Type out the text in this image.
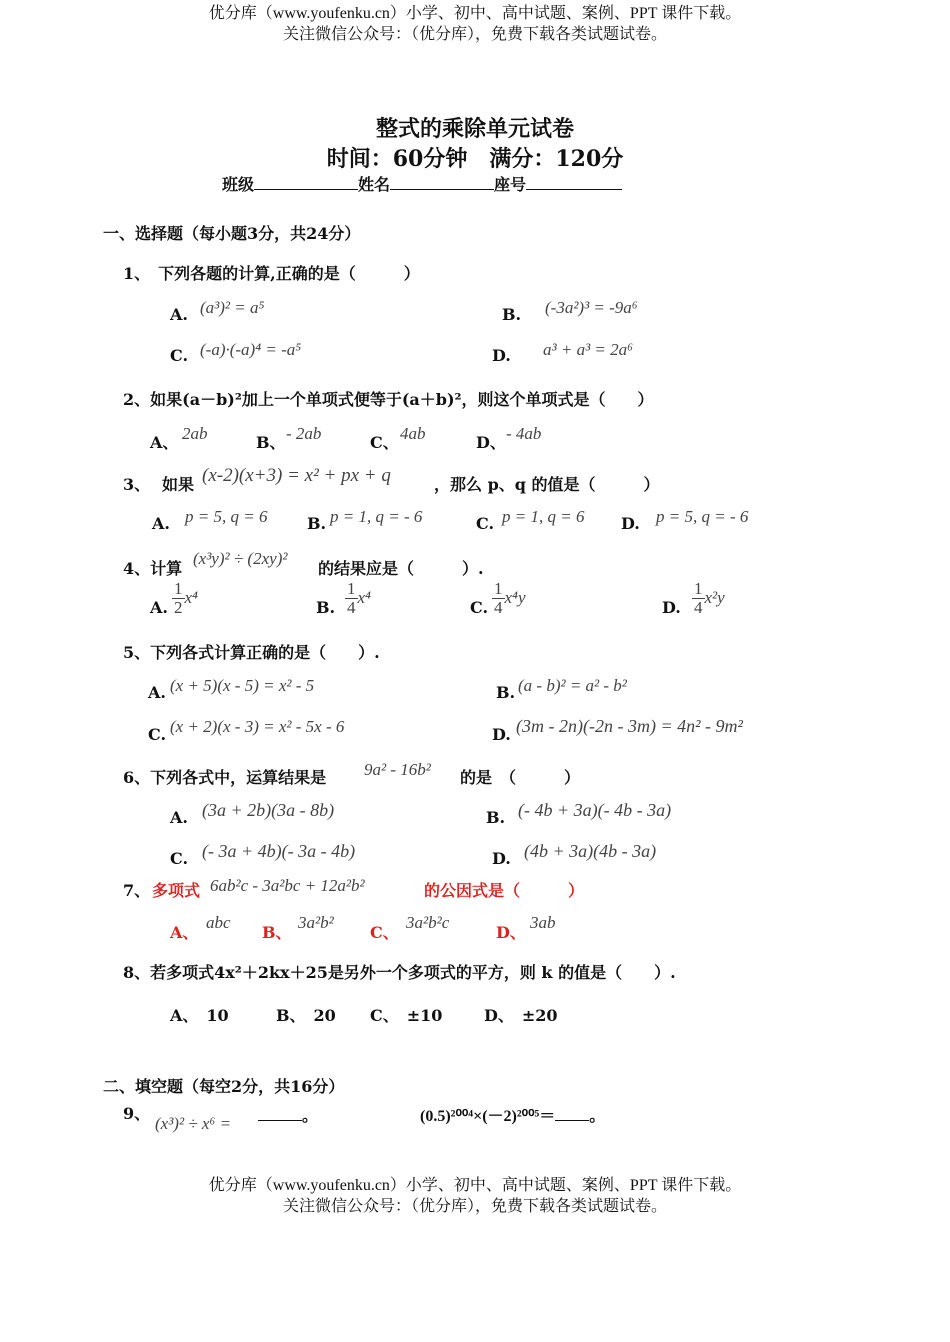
优分库（www.youfenku.cn）小学、初中、高中试题、案例、PPT 课件下载。
关注微信公众号：（优分库），免费下载各类试题试卷。
整式的乘除单元试卷
时间：60分钟　满分：120分
班级	姓名	座号
一、选择题（每小题3分，共24分）
1、　下列各题的计算,正确的是（　　　）
A. (a³)² = a⁵	B. (-3a²)³ = -9a⁶
C. (-a)·(-a)⁴ = -a⁵	D. a³ + a³ = 2a⁶
2、如果(a－b)²加上一个单项式便等于(a＋b)²，则这个单项式是（　　）
A、 2ab	B、 - 2ab	C、 4ab	D、 - 4ab
3、 如果 (x-2)(x+3) = x² + px + q	，那么 p、q 的值是（　　　）
A. p = 5, q = 6 B. p = 1, q = - 6	C. p = 1, q = 6 D. p = 5, q = - 6
4、计算
(x³y)² ÷ (2xy)²
的结果应是（　　　）.
A. $\frac{1}{2} x^4$
B. $\frac{1}{4} x^4$
C. $\frac{1}{4} x^4y$
D. $\frac{1}{4} x^2y$
5、下列各式计算正确的是（　　）.
A. (x + 5)(x - 5) = x² - 5	B. (a - b)² = a² - b²
C. (x + 2)(x - 3) = x² - 5x - 6	D. (3m - 2n)(-2n - 3m) = 4n² - 9m²
6、下列各式中，运算结果是 9a² - 16b² 的是　（　　　）
A. (3a + 2b)(3a - 8b)	B. (- 4b + 3a)(- 4b - 3a)
C. (- 3a + 4b)(- 3a - 4b)	D. (4b + 3a)(4b - 3a)
7、 多项式 6ab²c - 3a²bc + 12a²b²	的公因式是（　　　）
A、
abc
B、
3a²b²
C、
3a²b²c
D、
3ab
8、若多项式4x²＋2kx＋25是另外一个多项式的平方，则 k 的值是（　　）.
A、　10	B、　20 C、　±10	D、　±20
二、填空题（每空2分，共16分）
9、
(x³)² ÷ x⁶ =	。	(0.5)²⁰⁰⁴×(－2)²⁰⁰⁵＝ 。
优分库（www.youfenku.cn）小学、初中、高中试题、案例、PPT 课件下载。
关注微信公众号：（优分库），免费下载各类试题试卷。
